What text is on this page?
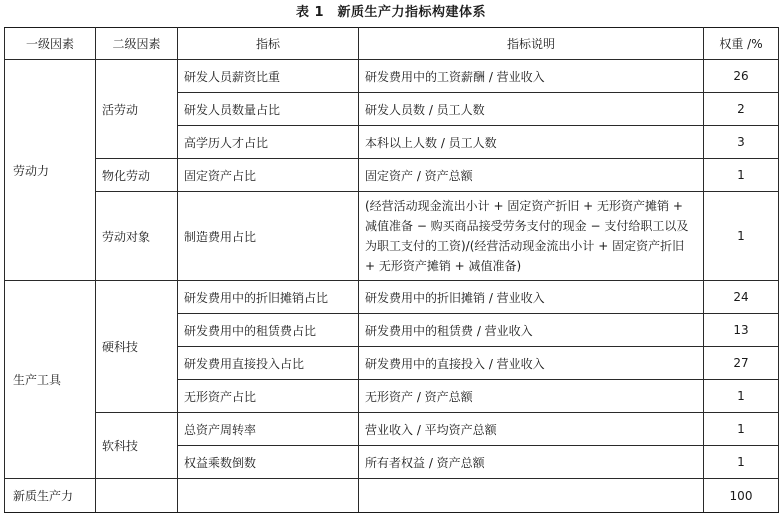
表 1　新质生产力指标构建体系
一级因素	二级因素	指标	指标说明	权重 /%
劳动力	活劳动	研发人员薪资比重	研发费用中的工资薪酬 / 营业收入	26
		研发人员数量占比	研发人员数 / 员工人数	2
		高学历人才占比	本科以上人数 / 员工人数	3
	物化劳动	固定资产占比	固定资产 / 资产总额	1
	劳动对象	制造费用占比	(经营活动现金流出小计 + 固定资产折旧 + 无形资产摊销 + 减值准备 − 购买商品接受劳务支付的现金 − 支付给职工以及为职工支付的工资)/(经营活动现金流出小计 + 固定资产折旧 + 无形资产摊销 + 减值准备)	1
生产工具	硬科技	研发费用中的折旧摊销占比	研发费用中的折旧摊销 / 营业收入	24
		研发费用中的租赁费占比	研发费用中的租赁费 / 营业收入	13
		研发费用直接投入占比	研发费用中的直接投入 / 营业收入	27
		无形资产占比	无形资产 / 资产总额	1
	软科技	总资产周转率	营业收入 / 平均资产总额	1
		权益乘数倒数	所有者权益 / 资产总额	1
新质生产力				100
